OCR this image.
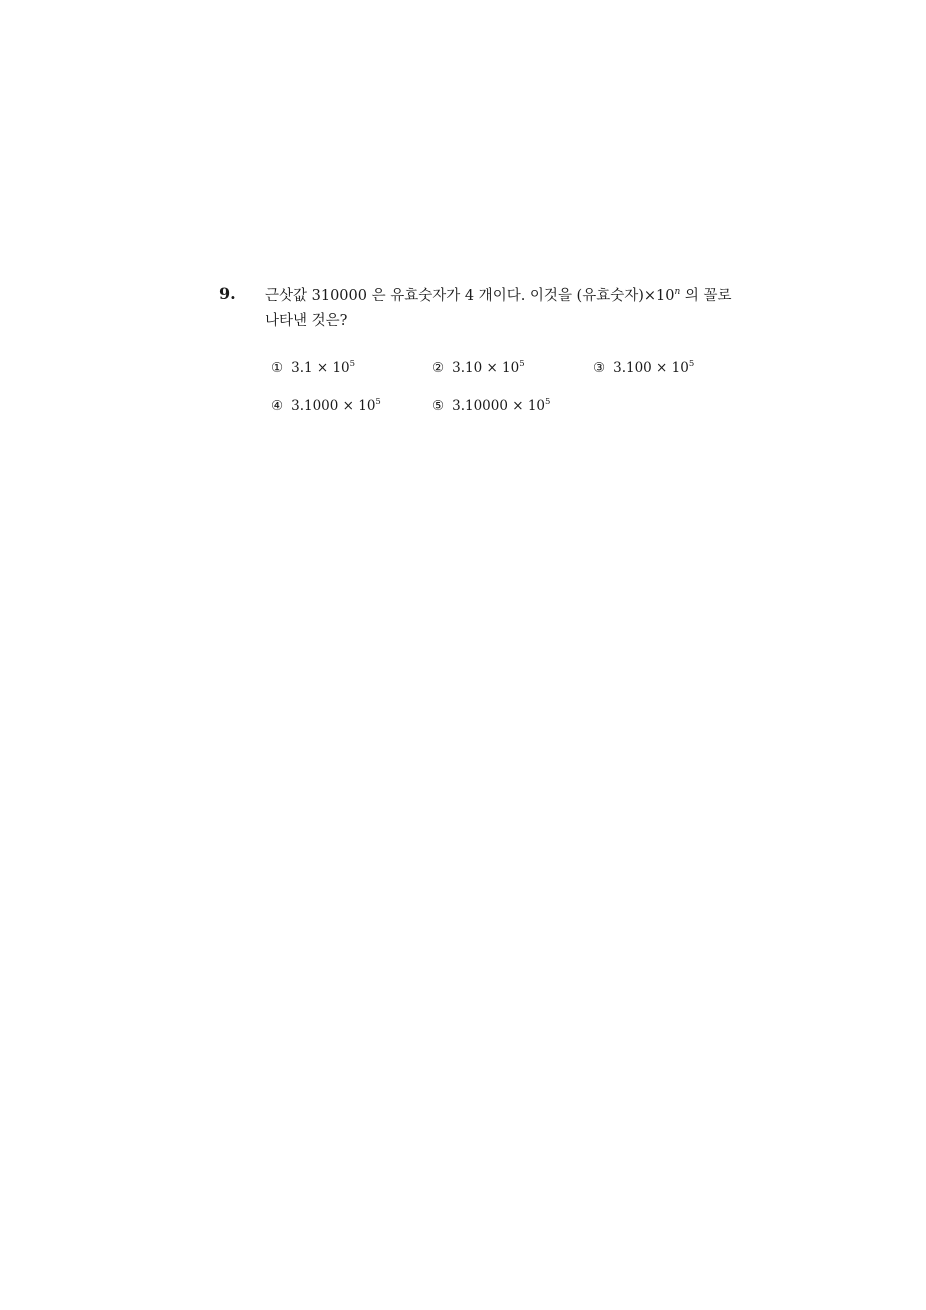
9. 근삿값 310000 은 유효숫자가 4 개이다. 이것을 (유효숫자)$\times 10^n$ 의 꼴로
나타낸 것은?
① $3.1 \times 10^5$	② $3.10 \times 10^5$	③ $3.100 \times 10^5$
④ $3.1000 \times 10^5$	⑤ $3.10000 \times 10^5$
